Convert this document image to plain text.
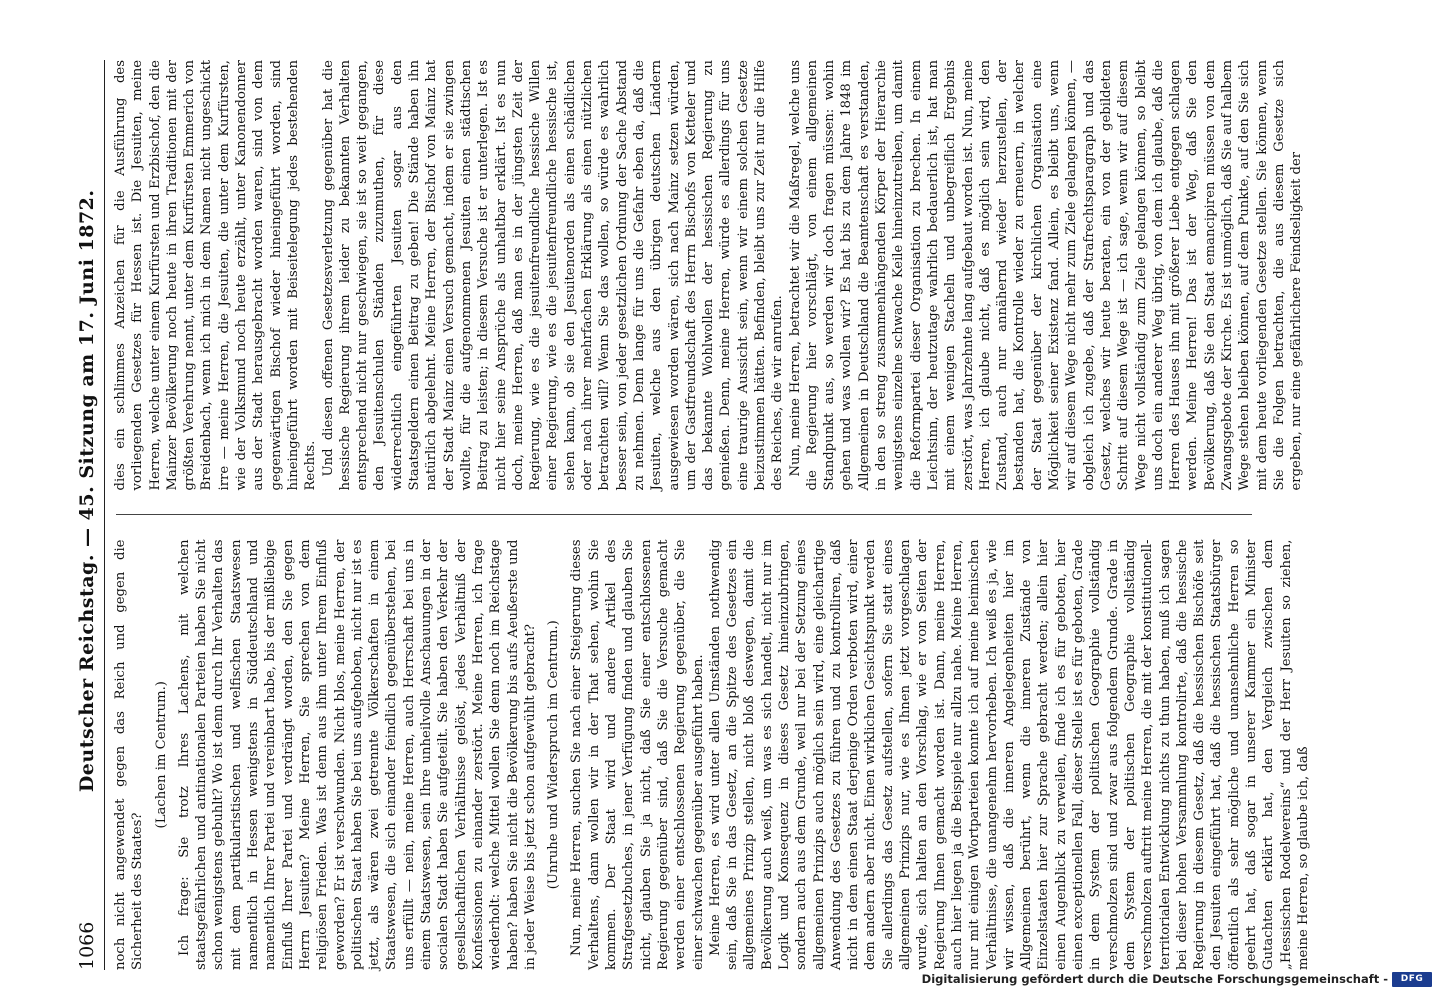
1066
Deutscher Reichstag. — 45. Sitzung am 17. Juni 1872. noch nicht angewendet gegen das Reich und gegen die Sicherheit des Staates?

(Lachen im Centrum.) Ich frage: Sie trotz Ihres Lachens, mit welchen staatsgefährlichen und antinationalen Parteien haben Sie nicht schon wenigstens gebuhlt? Wo ist denn durch Ihr Verhalten das mit dem partikularistischen und welfischen Staatswesen namentlich in Hessen wenigstens in Süddeutschland und namentlich Ihrer Partei und vereinbart habe, bis der mißliebige Einfluß Ihrer Partei und verdrängt worden, den Sie gegen Herrn Jesuiten? Meine Herren, Sie sprechen von dem religiösen Frieden. Was ist denn aus ihm unter Ihrem Einfluß geworden? Er ist verschwunden. Nicht blos, meine Herren, der politischen Staat haben Sie bei uns aufgehoben, nicht nur ist es jetzt, als wären zwei getrennte Völkerschaften in einem Staatswesen, die sich einander feindlich gegenüberstehen, bei uns erfüllt — nein, meine Herren, auch Herrschaft bei uns in einem Staatswesen, sein Ihre unheilvolle Anschauungen in der socialen Stadt haben Sie aufgeteilt. Sie haben den Verkehr der gesellschaftlichen Verhältnisse gelöst, jedes Verhältniß der Konfessionen zu einander zerstört. Meine Herren, ich frage wiederholt: welche Mittel wollen Sie denn noch im Reichstage haben? haben Sie nicht die Bevölkerung bis aufs Aeußerste und in jeder Weise bis jetzt schon aufgewühlt gebracht? (Unruhe und Widerspruch im Centrum.) Nun, meine Herren, suchen Sie nach einer Steigerung dieses Verhaltens, dann wollen wir in der That sehen, wohin Sie kommen. Der Staat wird und andere Artikel des Strafgesetzbuches, in jener Verfügung finden und glauben Sie nicht, glauben Sie ja nicht, daß Sie einer entschlossenen Regierung gegenüber sind, daß Sie die Versuche gemacht werden einer entschlossenen Regierung gegenüber, die Sie einer schwachen gegenüber ausgeführt haben. Meine Herren, es wird unter allen Umständen nothwendig sein, daß Sie in das Gesetz, an die Spitze des Gesetzes ein allgemeines Prinzip stellen, nicht bloß deswegen, damit die Bevölkerung auch weiß, um was es sich handelt, nicht nur im Logik und Konsequenz in dieses Gesetz hineinzubringen, sondern auch aus dem Grunde, weil nur bei der Setzung eines allgemeinen Prinzips auch möglich sein wird, eine gleichartige Anwendung des Gesetzes zu führen und zu kontrolliren, daß nicht in dem einen Staat derjenige Orden verboten wird, einer dem andern aber nicht. Einen wirklichen Gesichtspunkt werden Sie allerdings das Gesetz aufstellen, sofern Sie statt eines allgemeinen Prinzips nur, wie es Ihnen jetzt vorgeschlagen wurde, sich halten an den Vorschlag, wie er von Seiten der Regierung Ihnen gemacht worden ist. Dann, meine Herren, auch hier liegen ja die Beispiele nur allzu nahe. Meine Herren, nur mit einigen Wortparteien konnte ich auf meine heimischen Verhältnisse, die unangenehm hervorheben. Ich weiß es ja, wie wir wissen, daß die inneren Angelegenheiten hier im Allgemeinen berührt, wenn die inneren Zustände von Einzelstaaten hier zur Sprache gebracht werden; allein hier einen Augenblick zu verweilen, finde ich es für geboten, hier einen exceptionellen Fall, dieser Stelle ist es für geboten, Grade in dem System der politischen Geographie vollständig verschmolzen sind und zwar aus folgendem Grunde. Grade in dem System der politischen Geographie vollständig verschmolzen auftritt meine Herren, die mit der konstitutionell-territorialen Entwicklung nichts zu thun haben, muß ich sagen bei dieser hohen Versammlung kontrolirte, daß die hessische Regierung in diesem Gesetz, daß die hessischen Bischöfe seit den Jesuiten eingeführt hat, daß die hessischen Staatsbürger öffentlich als sehr mögliche und unansehnliche Herren so geehrt hat, daß sogar in unserer Kammer ein Minister Gutachten erklärt hat, den Vergleich zwischen dem „Hessischen Rodelwereins“ und der Herr Jesuiten so ziehen, meine Herren, so glaube ich, daß

dies ein schlimmes Anzeichen für die Ausführung des vorliegenden Gesetzes für Hessen ist. Die Jesuiten, meine Herren, welche unter einem Kurfürsten und Erzbischof, den die Mainzer Bevölkerung noch heute in ihren Traditionen mit der größten Verehrung nennt, unter dem Kurfürsten Emmerich von Breidenbach, wenn ich mich in dem Namen nicht ungeschickt irre — meine Herren, die Jesuiten, die unter dem Kurfürsten, wie der Volksmund noch heute erzählt, unter Kanonendonner aus der Stadt herausgebracht worden waren, sind von dem gegenwärtigen Bischof wieder hineingeführt worden, sind hineingeführt worden mit Beiseitelegung jedes bestehenden Rechts. Und diesen offenen Gesetzesverletzung gegenüber hat die hessische Regierung ihrem leider zu bekannten Verhalten entsprechend nicht nur geschwiegen, sie ist so weit gegangen, den Jesuitenschulen Ständen zuzumuthen, für diese widerrechtlich eingeführten Jesuiten sogar aus den Staatsgeldern einen Beitrag zu geben! Die Stände haben ihn natürlich abgelehnt. Meine Herren, der Bischof von Mainz hat der Stadt Mainz einen Versuch gemacht, indem er sie zwingen wollte, für die aufgenommenen Jesuiten einen städtischen Beitrag zu leisten; in diesem Versuche ist er unterlegen. Ist es nicht hier seine Ansprüche als unhaltbar erklärt. Ist es nun doch, meine Herren, daß man es in der jüngsten Zeit der Regierung, wie es die jesuitenfreundliche hessische Willen einer Regierung, wie es die jesuitenfreundliche hessische ist, sehen kann, ob sie den Jesuitenorden als einen schädlichen oder nach ihrer mehrfachen Erklärung als einen nützlichen betrachten will? Wenn Sie das wollen, so würde es wahrlich besser sein, von jeder gesetzlichen Ordnung der Sache Abstand zu nehmen. Denn lange für uns die Gefahr eben da, daß die Jesuiten, welche aus den übrigen deutschen Ländern ausgewiesen worden wären, sich nach Mainz setzen würden, um der Gastfreundschaft des Herrn Bischofs von Ketteler und das bekannte Wohlwollen der hessischen Regierung zu genießen. Denn, meine Herren, würde es allerdings für uns eine traurige Aussicht sein, wenn wir einem solchen Gesetze beizustimmen hätten. Befinden, bleibt uns zur Zeit nur die Hilfe des Reiches, die wir anrufen. Nun, meine Herren, betrachtet wir die Maßregel, welche uns die Regierung hier vorschlägt, von einem allgemeinen Standpunkt aus, so werden wir doch fragen müssen: wohin gehen und was wollen wir? Es hat bis zu dem Jahre 1848 im Allgemeinen in Deutschland die Beamtenschaft es verstanden, in den so streng zusammenhängenden Körper der Hierarchie wenigstens einzelne schwache Keile hineinzutreiben, um damit die Reformpartei dieser Organisation zu brechen. In einem Leichtsinn, der heutzutage wahrlich bedauerlich ist, hat man mit einem wenigen Stacheln und unbegreiflich Ergebnis zerstört, was Jahrzehnte lang aufgebaut worden ist. Nun, meine Herren, ich glaube nicht, daß es möglich sein wird, den Zustand, auch nur annähernd wieder herzustellen, der bestanden hat, die Kontrolle wieder zu erneuern, in welcher der Staat gegenüber der kirchlichen Organisation eine Möglichkeit seiner Existenz fand. Allein, es bleibt uns, wenn wir auf diesem Wege nicht mehr zum Ziele gelangen können, — obgleich ich zugebe, daß der Strafrechtsparagraph und das Gesetz, welches wir heute beraten, ein von der gebildeten Schritt auf diesem Wege ist — ich sage, wenn wir auf diesem Wege nicht vollständig zum Ziele gelangen können, so bleibt uns doch ein anderer Weg übrig, von dem ich glaube, daß die Herren des Hauses ihn mit größerer Liebe entgegen schlagen werden. Meine Herren! Das ist der Weg, daß Sie den Bevölkerung, daß Sie den Staat emancipiren müssen von dem Zwangsgebote der Kirche. Es ist unmöglich, daß Sie auf halbem Wege stehen bleiben können, auf dem Punkte, auf den Sie sich mit dem heute vorliegenden Gesetze stellen. Sie können, wenn Sie die Folgen betrachten, die aus diesem Gesetze sich ergeben, nur eine gefährlichere Feindseligkeit der

Digitalisierung gefördert durch die Deutsche Forschungsgemeinschaft -	DFG
